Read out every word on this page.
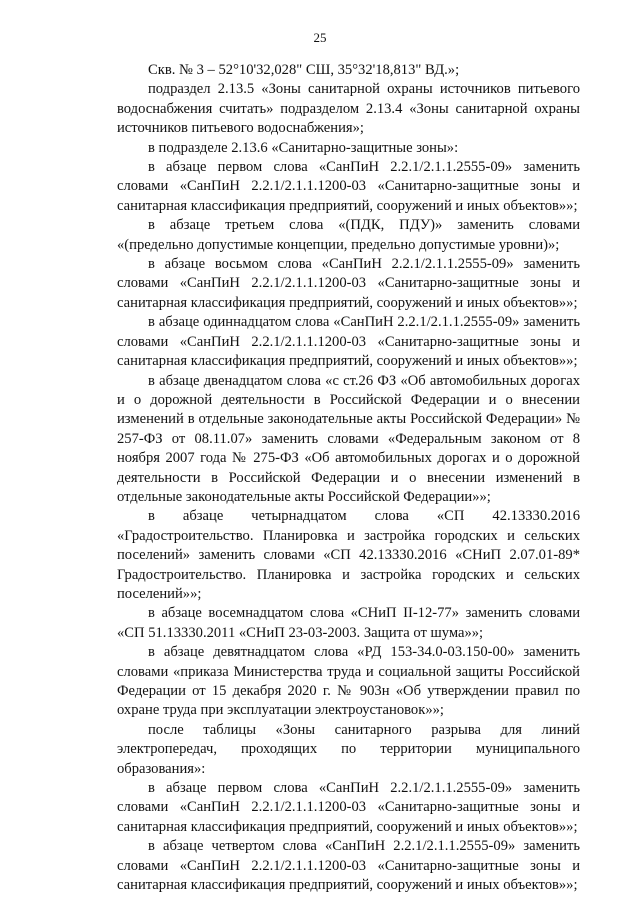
25

Скв. № 3 – 52°10'32,028" СШ, 35°32'18,813" ВД.»;

подраздел 2.13.5 «Зоны санитарной охраны источников питьевого водоснабжения считать» подразделом 2.13.4 «Зоны санитарной охраны источников питьевого водоснабжения»;

в подразделе 2.13.6 «Санитарно-защитные зоны»:

в абзаце первом слова «СанПиН 2.2.1/2.1.1.2555-09» заменить словами «СанПиН 2.2.1/2.1.1.1200-03 «Санитарно-защитные зоны и санитарная классификация предприятий, сооружений и иных объектов»»;

в абзаце третьем слова «(ПДК, ПДУ)» заменить словами «(предельно допустимые концепции, предельно допустимые уровни)»;

в абзаце восьмом слова «СанПиН 2.2.1/2.1.1.2555-09» заменить словами «СанПиН 2.2.1/2.1.1.1200-03 «Санитарно-защитные зоны и санитарная классификация предприятий, сооружений и иных объектов»»;

в абзаце одиннадцатом слова «СанПиН 2.2.1/2.1.1.2555-09» заменить словами «СанПиН 2.2.1/2.1.1.1200-03 «Санитарно-защитные зоны и санитарная классификация предприятий, сооружений и иных объектов»»;

в абзаце двенадцатом слова «с ст.26 ФЗ «Об автомобильных дорогах и о дорожной деятельности в Российской Федерации и о внесении изменений в отдельные законодательные акты Российской Федерации» № 257-ФЗ от 08.11.07» заменить словами «Федеральным законом от 8 ноября 2007 года № 275-ФЗ «Об автомобильных дорогах и о дорожной деятельности в Российской Федерации и о внесении изменений в отдельные законодательные акты Российской Федерации»»;

в абзаце четырнадцатом слова «СП 42.13330.2016 «Градостроительство. Планировка и застройка городских и сельских поселений» заменить словами «СП 42.13330.2016 «СНиП 2.07.01-89* Градостроительство. Планировка и застройка городских и сельских поселений»»;

в абзаце восемнадцатом слова «СНиП II-12-77» заменить словами «СП 51.13330.2011 «СНиП 23-03-2003. Защита от шума»»;

в абзаце девятнадцатом слова «РД 153-34.0-03.150-00» заменить словами «приказа Министерства труда и социальной защиты Российской Федерации от 15 декабря 2020 г. № 903н «Об утверждении правил по охране труда при эксплуатации электроустановок»»;

после таблицы «Зоны санитарного разрыва для линий электропередач, проходящих по территории муниципального образования»:

в абзаце первом слова «СанПиН 2.2.1/2.1.1.2555-09» заменить словами «СанПиН 2.2.1/2.1.1.1200-03 «Санитарно-защитные зоны и санитарная классификация предприятий, сооружений и иных объектов»»;

в абзаце четвертом слова «СанПиН 2.2.1/2.1.1.2555-09» заменить словами «СанПиН 2.2.1/2.1.1.1200-03 «Санитарно-защитные зоны и санитарная классификация предприятий, сооружений и иных объектов»»;
